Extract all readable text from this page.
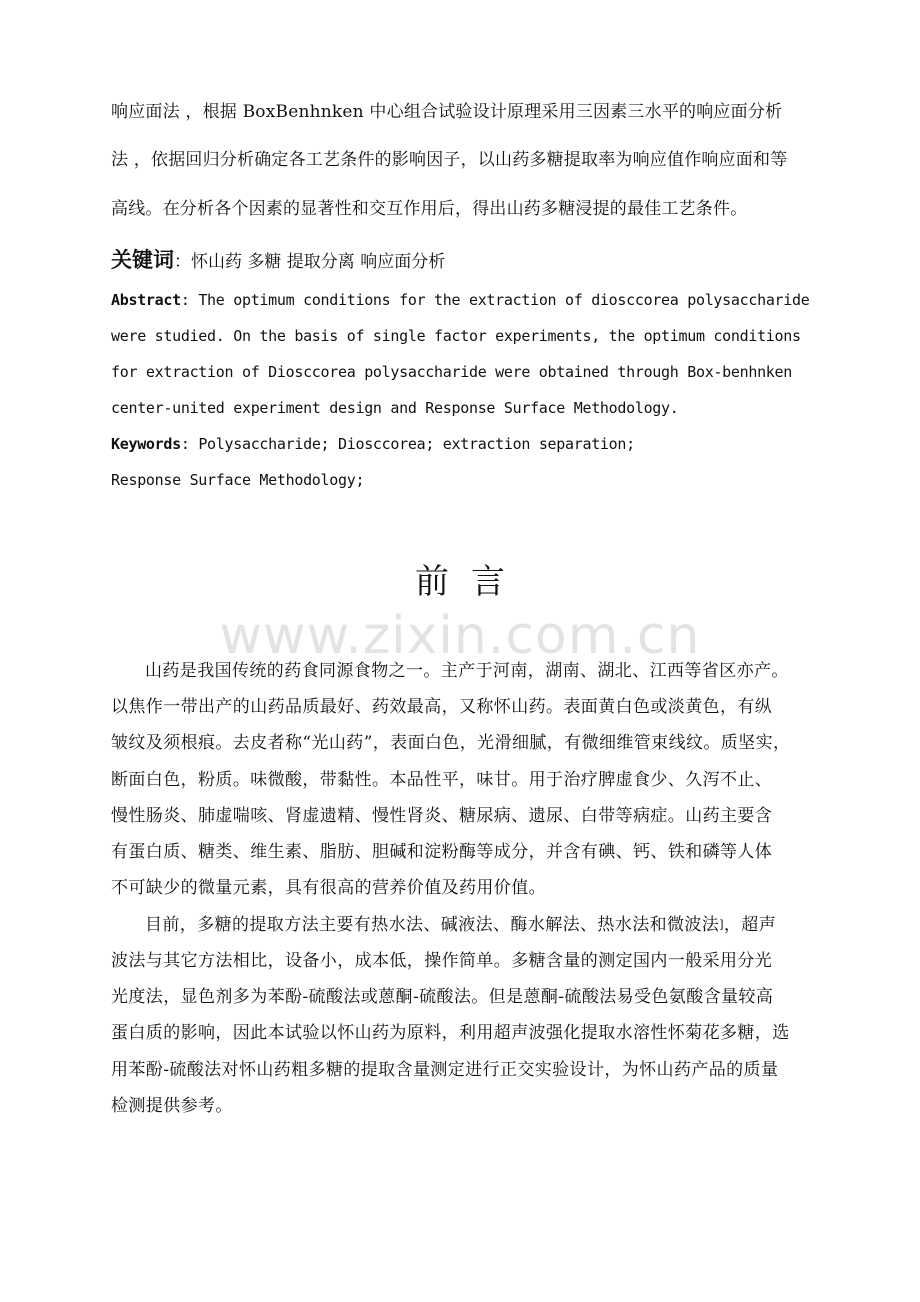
响应面法 ，根据 BoxBenhnken 中心组合试验设计原理采用三因素三水平的响应面分析
法 ，依据回归分析确定各工艺条件的影响因子，以山药多糖提取率为响应值作响应面和等
高线。在分析各个因素的显著性和交互作用后，得出山药多糖浸提的最佳工艺条件。
关键词：怀山药 多糖 提取分离 响应面分析
Abstract: The optimum conditions for the extraction of diosccorea polysaccharide
were studied. On the basis of single factor experiments, the optimum conditions
for extraction of Diosccorea polysaccharide were obtained through Box-benhnken
center-united experiment design and Response Surface Methodology.
Keywords: Polysaccharide; Diosccorea; extraction separation;
Response Surface Methodology;
前言
www.zixin.com.cn
山药是我国传统的药食同源食物之一。主产于河南，湖南、湖北、江西等省区亦产。
以焦作一带出产的山药品质最好、药效最高，又称怀山药。表面黄白色或淡黄色，有纵
皱纹及须根痕。去皮者称“光山药”，表面白色，光滑细腻，有微细维管束线纹。质坚实，
断面白色，粉质。味微酸，带黏性。本品性平，味甘。用于治疗脾虚食少、久泻不止、
慢性肠炎、肺虚喘咳、肾虚遗精、慢性肾炎、糖尿病、遗尿、白带等病症。山药主要含
有蛋白质、糖类、维生素、脂肪、胆碱和淀粉酶等成分，并含有碘、钙、铁和磷等人体
不可缺少的微量元素，具有很高的营养价值及药用价值。
目前，多糖的提取方法主要有热水法、碱液法、酶水解法、热水法和微波法]，超声
波法与其它方法相比，设备小，成本低，操作简单。多糖含量的测定国内一般采用分光
光度法，显色剂多为苯酚-硫酸法或蒽酮-硫酸法。但是蒽酮-硫酸法易受色氨酸含量较高
蛋白质的影响，因此本试验以怀山药为原料，利用超声波强化提取水溶性怀菊花多糖，选
用苯酚-硫酸法对怀山药粗多糖的提取含量测定进行正交实验设计，为怀山药产品的质量
检测提供参考。
